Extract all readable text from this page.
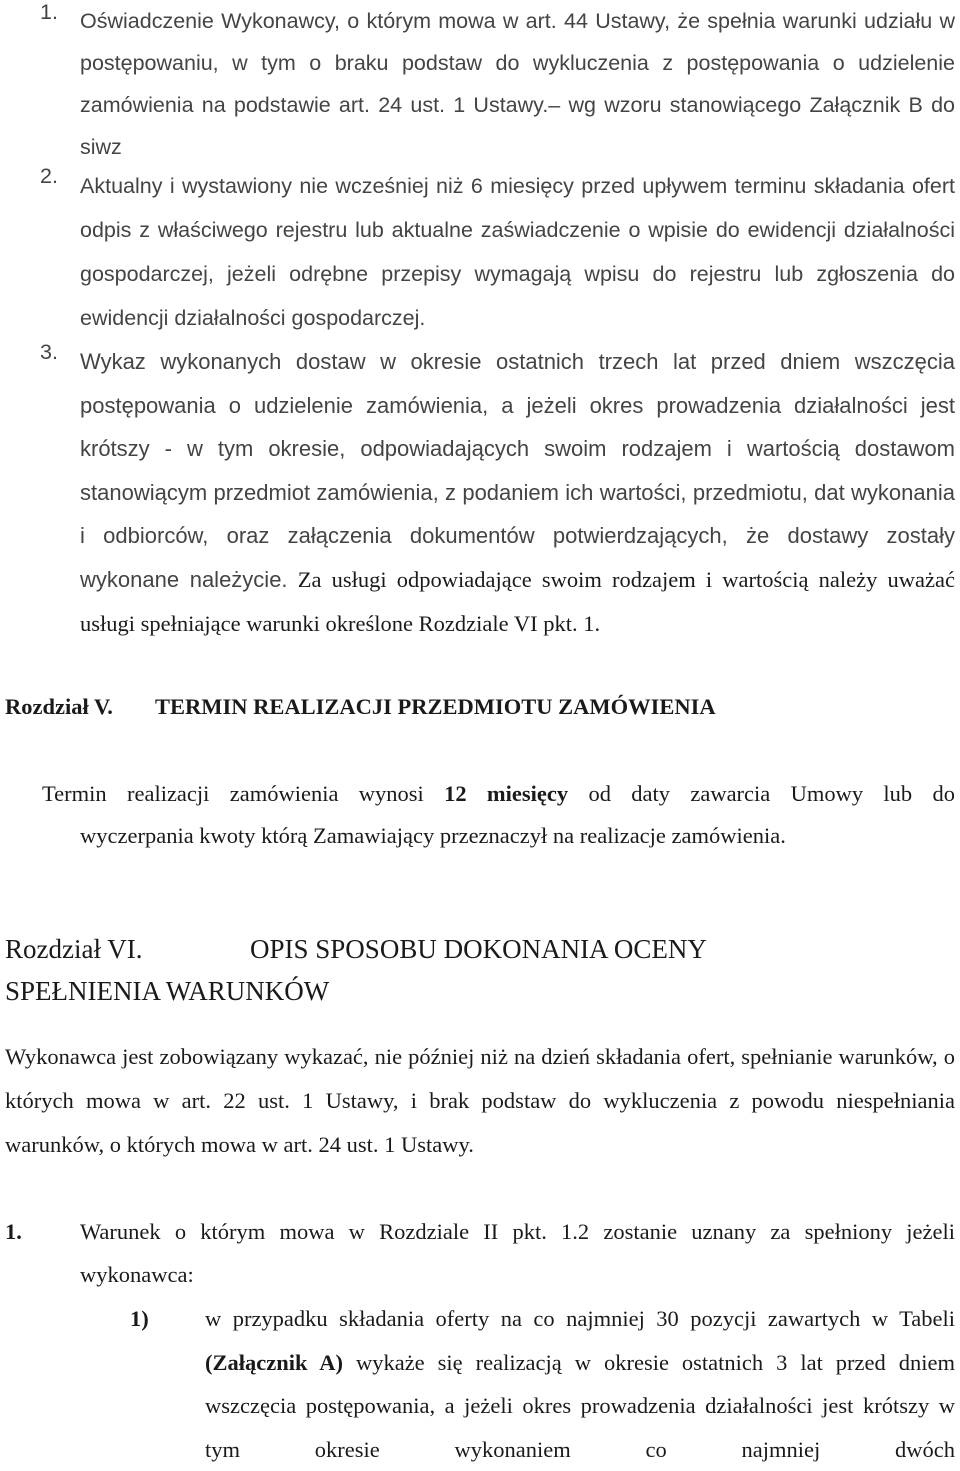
1. Oświadczenie Wykonawcy, o którym mowa w art. 44 Ustawy, że spełnia warunki udziału w postępowaniu, w tym o braku podstaw do wykluczenia z postępowania o udzielenie zamówienia na podstawie art. 24 ust. 1 Ustawy.– wg wzoru stanowiącego Załącznik B do siwz
2. Aktualny i wystawiony nie wcześniej niż 6 miesięcy przed upływem terminu składania ofert odpis z właściwego rejestru lub aktualne zaświadczenie o wpisie do ewidencji działalności gospodarczej, jeżeli odrębne przepisy wymagają wpisu do rejestru lub zgłoszenia do ewidencji działalności gospodarczej.
3. Wykaz wykonanych dostaw w okresie ostatnich trzech lat przed dniem wszczęcia postępowania o udzielenie zamówienia, a jeżeli okres prowadzenia działalności jest krótszy - w tym okresie, odpowiadających swoim rodzajem i wartością dostawom stanowiącym przedmiot zamówienia, z podaniem ich wartości, przedmiotu, dat wykonania i odbiorców, oraz załączenia dokumentów potwierdzających, że dostawy zostały wykonane należycie. Za usługi odpowiadające swoim rodzajem i wartością należy uważać usługi spełniające warunki określone Rozdziale VI pkt. 1.
Rozdział V. TERMIN REALIZACJI PRZEDMIOTU ZAMÓWIENIA
Termin realizacji zamówienia wynosi 12 miesięcy od daty zawarcia Umowy lub do
wyczerpania kwoty którą Zamawiający przeznaczył na realizacje zamówienia.
Rozdział VI.	OPIS SPOSOBU DOKONANIA OCENY
SPEŁNIENIA WARUNKÓW
Wykonawca jest zobowiązany wykazać, nie później niż na dzień składania ofert, spełnianie warunków, o których mowa w art. 22 ust. 1 Ustawy, i brak podstaw do wykluczenia z powodu niespełniania warunków, o których mowa w art. 24 ust. 1 Ustawy.
1.	Warunek o którym mowa w Rozdziale II pkt. 1.2 zostanie uznany za spełniony jeżeli wykonawca:
1)	w przypadku składania oferty na co najmniej 30 pozycji zawartych w Tabeli (Załącznik A) wykaże się realizacją w okresie ostatnich 3 lat przed dniem wszczęcia postępowania, a jeżeli okres prowadzenia działalności jest krótszy w tym okresie wykonaniem co najmniej dwóch
